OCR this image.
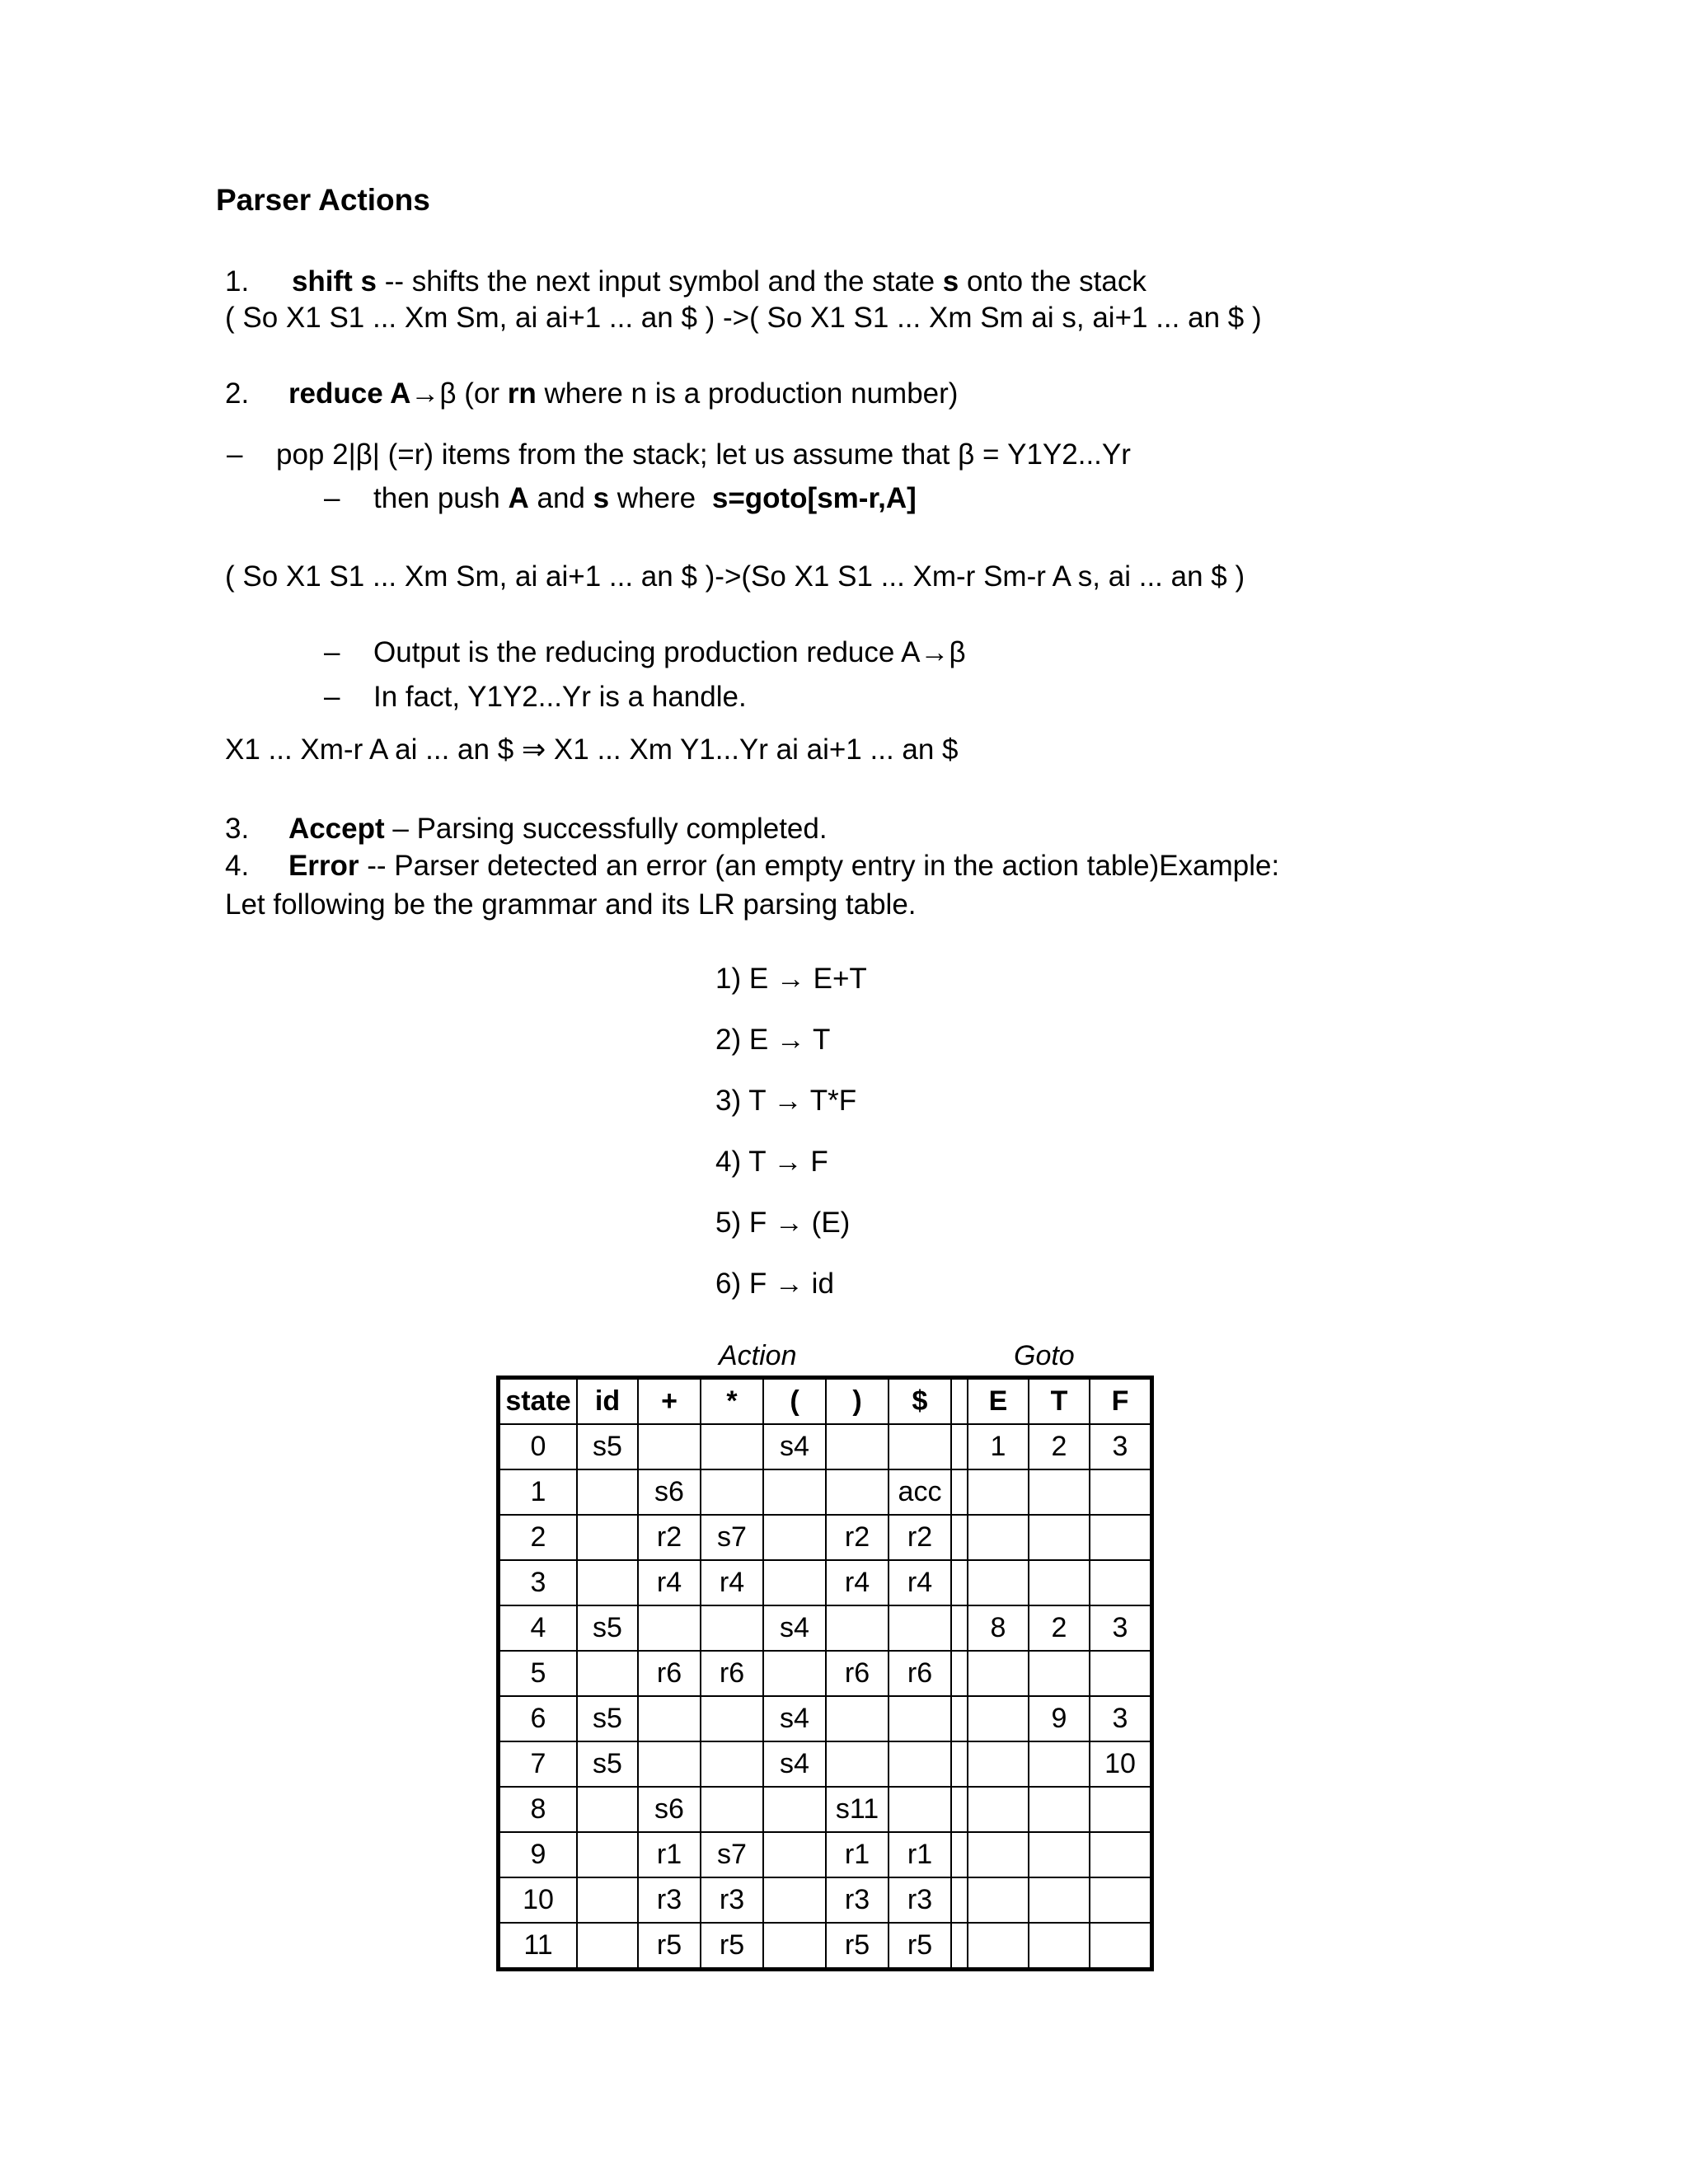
Parser Actions
1. shift s -- shifts the next input symbol and the state s onto the stack
( So X1 S1 ... Xm Sm, ai ai+1 ... an $ ) ->( So X1 S1 ... Xm Sm ai s, ai+1 ... an $ )
2. reduce A→β (or rn where n is a production number)
– pop 2|β| (=r) items from the stack; let us assume that β = Y1Y2...Yr
– then push A and s where s=goto[sm-r,A]
( So X1 S1 ... Xm Sm, ai ai+1 ... an $ )->(So X1 S1 ... Xm-r Sm-r A s, ai ... an $ )
– Output is the reducing production reduce A→β
– In fact, Y1Y2...Yr is a handle.
X1 ... Xm-r A ai ... an $ ⇒ X1 ... Xm Y1...Yr ai ai+1 ... an $
3. Accept – Parsing successfully completed.
4. Error -- Parser detected an error (an empty entry in the action table)Example:
Let following be the grammar and its LR parsing table.
1) E → E+T
2) E → T
3) T → T*F
4) T → F
5) F → (E)
6) F → id
Action	Goto
state	id	+	*	(	)	$		E	T	F
0	s5			s4				1	2	3
1		s6				acc				
2		r2	s7		r2	r2				
3		r4	r4		r4	r4				
4	s5			s4				8	2	3
5		r6	r6		r6	r6				
6	s5			s4					9	3
7	s5			s4						10
8		s6			s11					
9		r1	s7		r1	r1				
10		r3	r3		r3	r3				
11		r5	r5		r5	r5				
